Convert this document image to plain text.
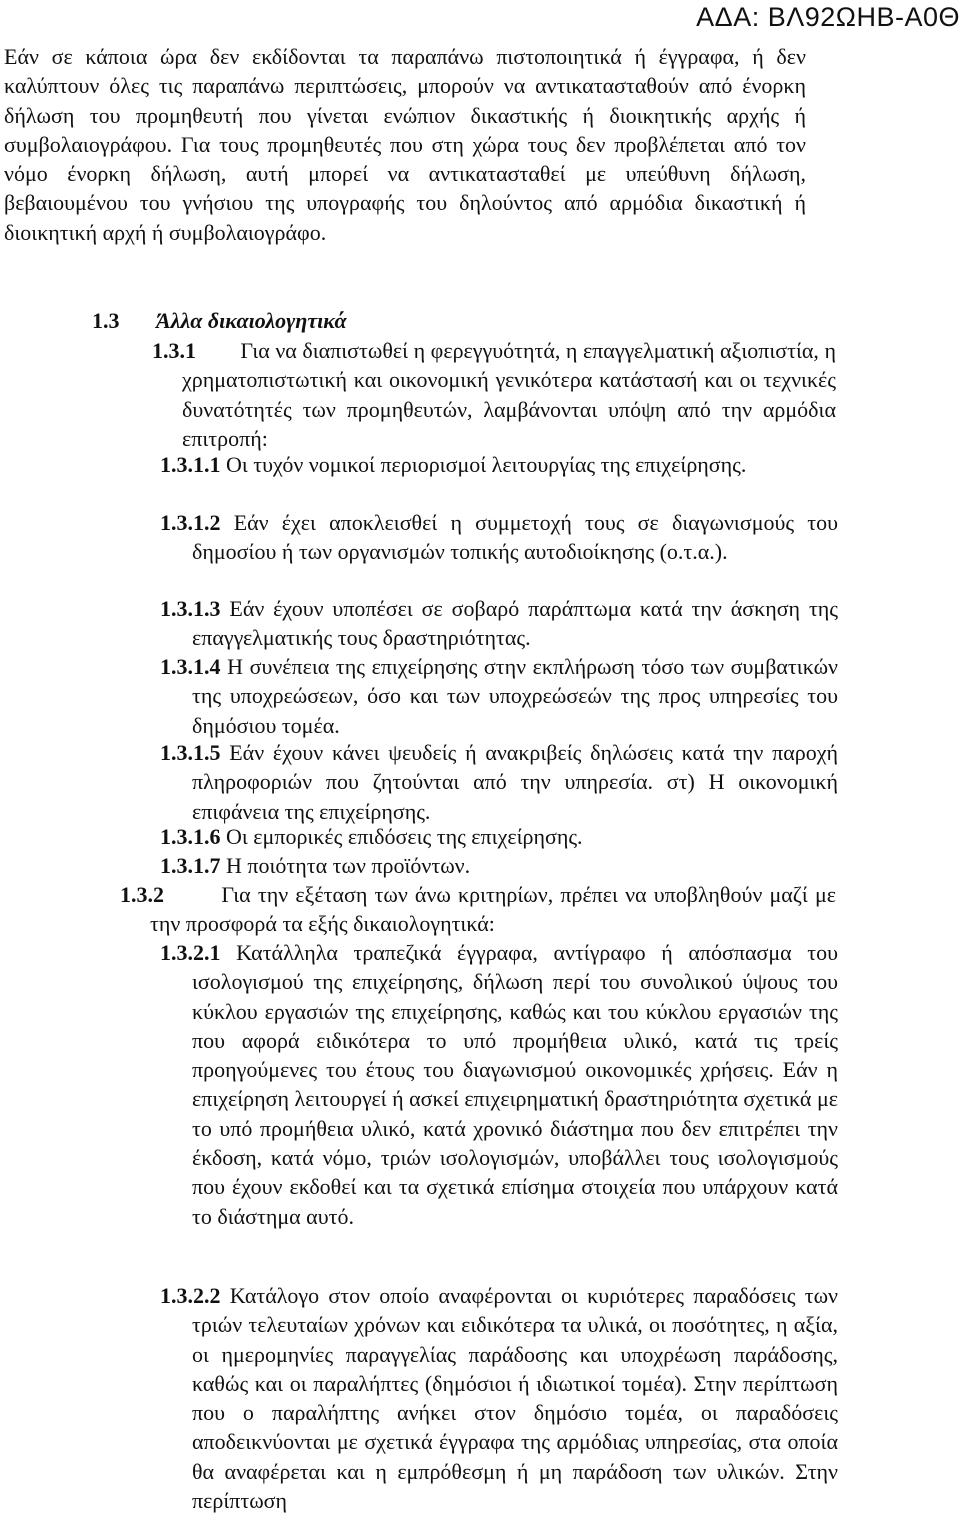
ΑΔΑ: ΒΛ92ΩΗΒ-Α0Θ

Εάν σε κάποια ώρα δεν εκδίδονται τα παραπάνω πιστοποιητικά ή έγγραφα, ή δεν καλύπτουν όλες τις παραπάνω περιπτώσεις, μπορούν να αντικατασταθούν από ένορκη δήλωση του προμηθευτή που γίνεται ενώπιον δικαστικής ή διοικητικής αρχής ή συμβολαιογράφου. Για τους προμηθευτές που στη χώρα τους δεν προβλέπεται από τον νόμο ένορκη δήλωση, αυτή μπορεί να αντικατασταθεί με υπεύθυνη δήλωση, βεβαιουμένου του γνήσιου της υπογραφής του δηλούντος από αρμόδια δικαστική ή διοικητική αρχή ή συμβολαιογράφο.

1.3 Άλλα δικαιολογητικά
1.3.1 Για να διαπιστωθεί η φερεγγυότητά, η επαγγελματική αξιοπιστία, η χρηματοπιστωτική και οικονομική γενικότερα κατάστασή και οι τεχνικές δυνατότητές των προμηθευτών, λαμβάνονται υπόψη από την αρμόδια επιτροπή:
1.3.1.1 Οι τυχόν νομικοί περιορισμοί λειτουργίας της επιχείρησης.
1.3.1.2 Εάν έχει αποκλεισθεί η συμμετοχή τους σε διαγωνισμούς του δημοσίου ή των οργανισμών τοπικής αυτοδιοίκησης (ο.τ.α.).
1.3.1.3 Εάν έχουν υποπέσει σε σοβαρό παράπτωμα κατά την άσκηση της επαγγελματικής τους δραστηριότητας.
1.3.1.4 Η συνέπεια της επιχείρησης στην εκπλήρωση τόσο των συμβατικών της υποχρεώσεων, όσο και των υποχρεώσεών της προς υπηρεσίες του δημόσιου τομέα.
1.3.1.5 Εάν έχουν κάνει ψευδείς ή ανακριβείς δηλώσεις κατά την παροχή πληροφοριών που ζητούνται από την υπηρεσία. στ) Η οικονομική επιφάνεια της επιχείρησης.
1.3.1.6 Οι εμπορικές επιδόσεις της επιχείρησης.
1.3.1.7 Η ποιότητα των προϊόντων.
1.3.2	Για την εξέταση των άνω κριτηρίων, πρέπει να υποβληθούν μαζί με την προσφορά τα εξής δικαιολογητικά:
1.3.2.1 Κατάλληλα τραπεζικά έγγραφα, αντίγραφο ή απόσπασμα του ισολογισμού της επιχείρησης, δήλωση περί του συνολικού ύψους του κύκλου εργασιών της επιχείρησης, καθώς και του κύκλου εργασιών της που αφορά ειδικότερα το υπό προμήθεια υλικό, κατά τις τρείς προηγούμενες του έτους του διαγωνισμού οικονομικές χρήσεις. Εάν η επιχείρηση λειτουργεί ή ασκεί επιχειρηματική δραστηριότητα σχετικά με το υπό προμήθεια υλικό, κατά χρονικό διάστημα που δεν επιτρέπει την έκδοση, κατά νόμο, τριών ισολογισμών, υποβάλλει τους ισολογισμούς που έχουν εκδοθεί και τα σχετικά επίσημα στοιχεία που υπάρχουν κατά το διάστημα αυτό.
1.3.2.2 Κατάλογο στον οποίο αναφέρονται οι κυριότερες παραδόσεις των τριών τελευταίων χρόνων και ειδικότερα τα υλικά, οι ποσότητες, η αξία, οι ημερομηνίες παραγγελίας παράδοσης και υποχρέωση παράδοσης, καθώς και οι παραλήπτες (δημόσιοι ή ιδιωτικοί τομέα). Στην περίπτωση που ο παραλήπτης ανήκει στον δημόσιο τομέα, οι παραδόσεις αποδεικνύονται με σχετικά έγγραφα της αρμόδιας υπηρεσίας, στα οποία θα αναφέρεται και η εμπρόθεσμη ή μη παράδοση των υλικών. Στην περίπτωση
